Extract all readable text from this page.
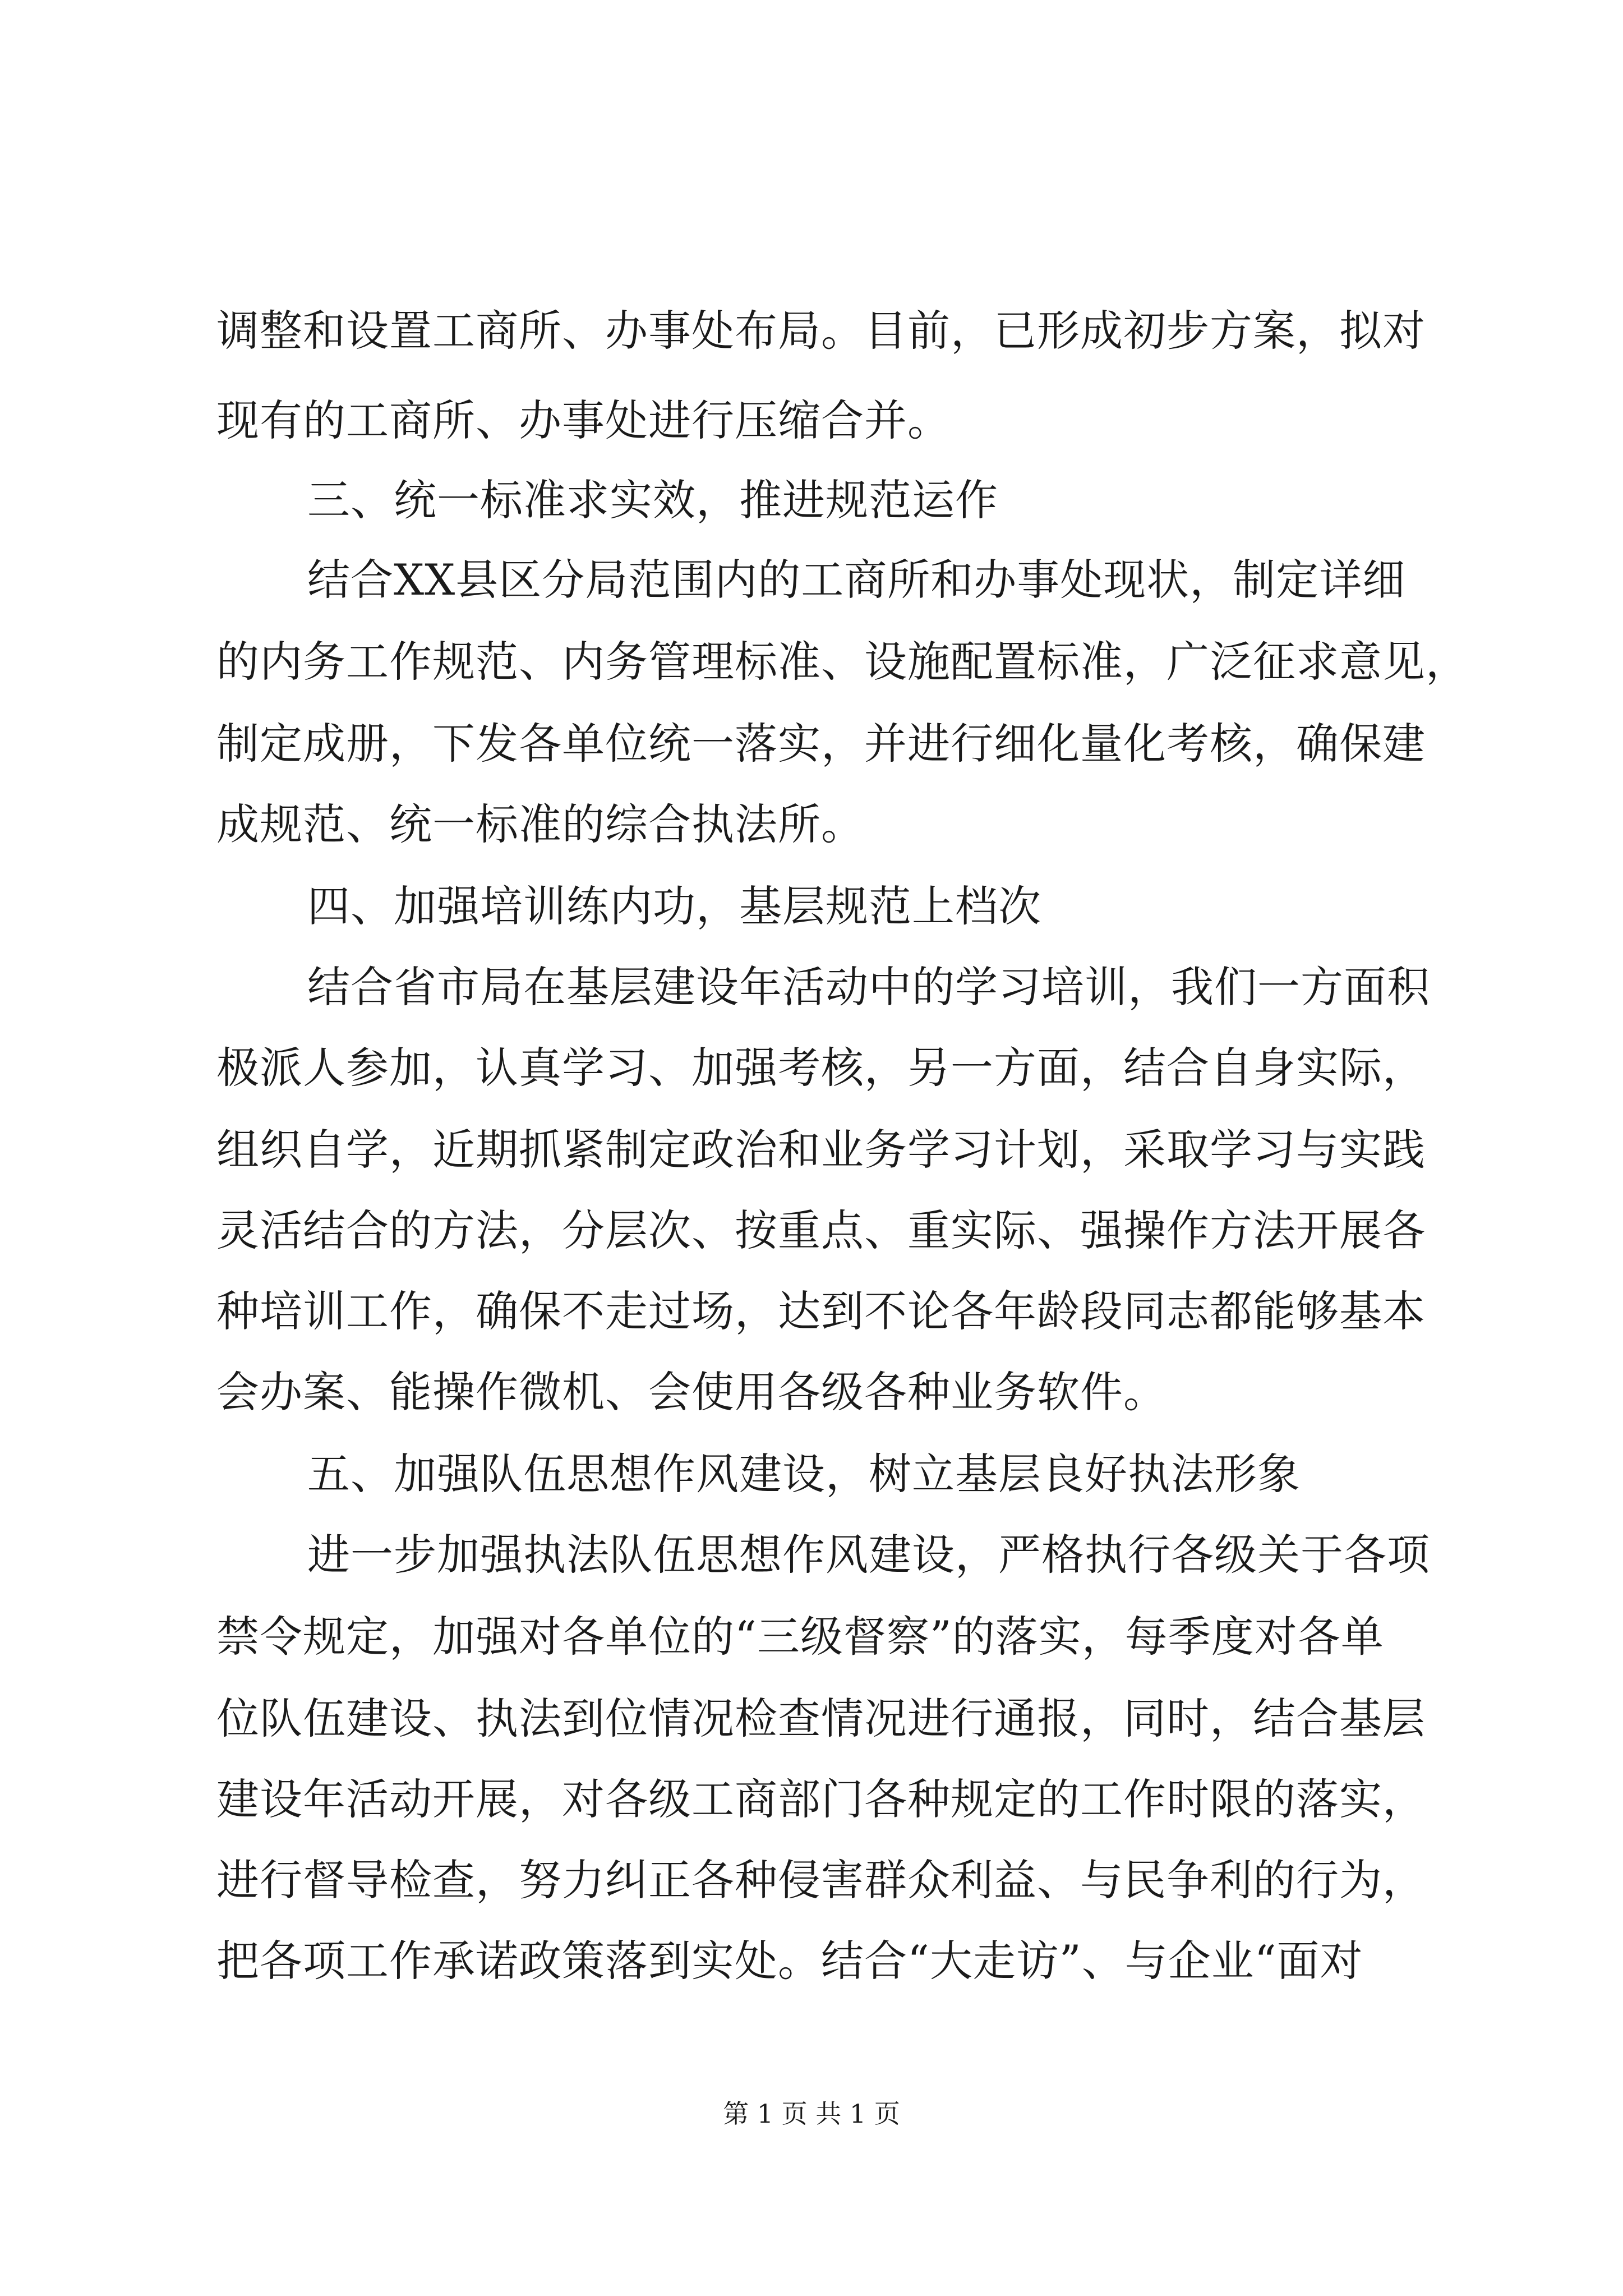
调整和设置工商所、办事处布局。目前，已形成初步方案，拟对
现有的工商所、办事处进行压缩合并。
三、统一标准求实效，推进规范运作
结合XX县区分局范围内的工商所和办事处现状，制定详细
的内务工作规范、内务管理标准、设施配置标准，广泛征求意见，
制定成册，下发各单位统一落实，并进行细化量化考核，确保建
成规范、统一标准的综合执法所。
四、加强培训练内功，基层规范上档次
结合省市局在基层建设年活动中的学习培训，我们一方面积
极派人参加，认真学习、加强考核，另一方面，结合自身实际，
组织自学，近期抓紧制定政治和业务学习计划，采取学习与实践
灵活结合的方法，分层次、按重点、重实际、强操作方法开展各
种培训工作，确保不走过场，达到不论各年龄段同志都能够基本
会办案、能操作微机、会使用各级各种业务软件。
五、加强队伍思想作风建设，树立基层良好执法形象
进一步加强执法队伍思想作风建设，严格执行各级关于各项
禁令规定，加强对各单位的“三级督察”的落实，每季度对各单
位队伍建设、执法到位情况检查情况进行通报，同时，结合基层
建设年活动开展，对各级工商部门各种规定的工作时限的落实，
进行督导检查，努力纠正各种侵害群众利益、与民争利的行为，
把各项工作承诺政策落到实处。结合“大走访”、与企业“面对
第 1 页 共 1 页
